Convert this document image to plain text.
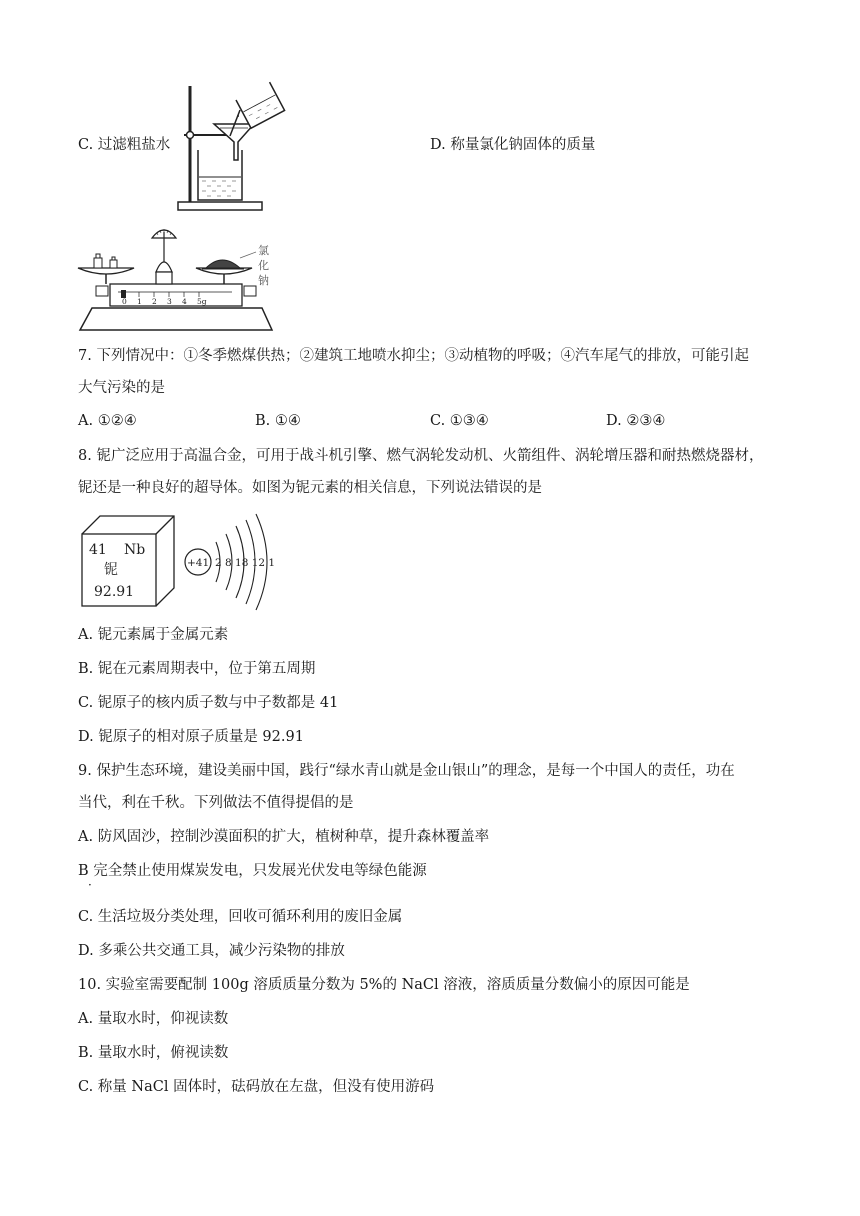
C. 过滤粗盐水	D. 称量氯化钠固体的质量
0 1 2 3 4 5g
氯
化
钠
7. 下列情况中：①冬季燃煤供热；②建筑工地喷水抑尘；③动植物的呼吸；④汽车尾气的排放，可能引起
大气污染的是
A. ①②④	B. ①④	C. ①③④	D. ②③④
8. 铌广泛应用于高温合金，可用于战斗机引擎、燃气涡轮发动机、火箭组件、涡轮增压器和耐热燃烧器材，
铌还是一种良好的超导体。如图为铌元素的相关信息，下列说法错误的是
41 Nb
铌
92.91
+41 2 8 18 12 1
A. 铌元素属于金属元素
B. 铌在元素周期表中，位于第五周期
C. 铌原子的核内质子数与中子数都是 41
D. 铌原子的相对原子质量是 92.91
9. 保护生态环境，建设美丽中国，践行“绿水青山就是金山银山”的理念，是每一个中国人的责任，功在
当代，利在千秋。下列做法不值得提倡的是
A. 防风固沙，控制沙漠面积的扩大，植树种草，提升森林覆盖率
B 完全禁止使用煤炭发电，只发展光伏发电等绿色能源
·
C. 生活垃圾分类处理，回收可循环利用的废旧金属
D. 多乘公共交通工具，减少污染物的排放
10. 实验室需要配制 100g 溶质质量分数为 5%的 NaCl 溶液，溶质质量分数偏小的原因可能是
A. 量取水时，仰视读数
B. 量取水时，俯视读数
C. 称量 NaCl 固体时，砝码放在左盘，但没有使用游码
